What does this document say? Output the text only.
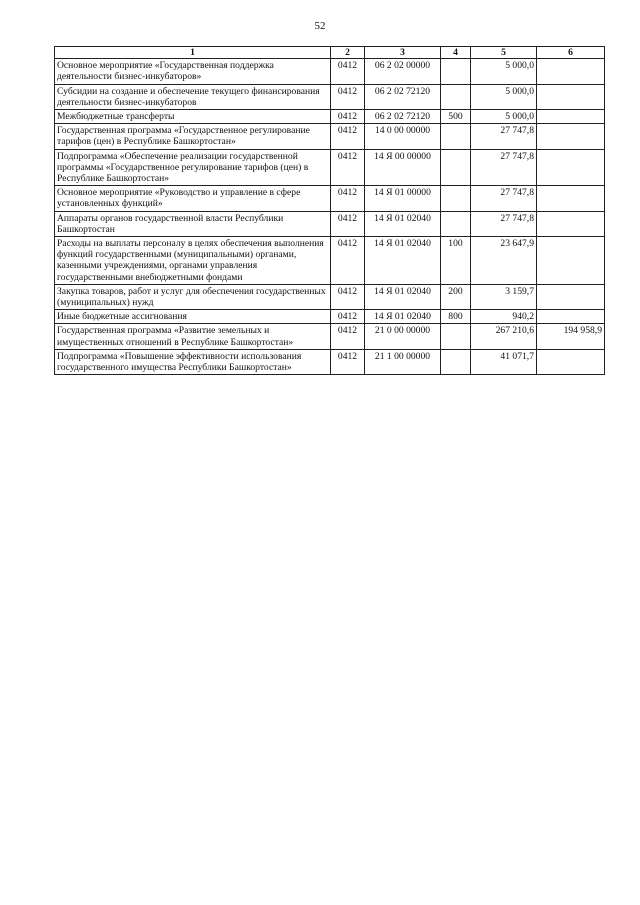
52
1	2	3	4	5	6
Основное мероприятие «Государственная поддержка деятельности бизнес-инкубаторов»	0412	06 2 02 00000		5 000,0	
Субсидии на создание и обеспечение текущего финансирования деятельности бизнес-инкубаторов	0412	06 2 02 72120		5 000,0	
Межбюджетные трансферты	0412	06 2 02 72120	500	5 000,0	
Государственная программа «Государственное регулирование тарифов (цен) в Республике Башкортостан»	0412	14 0 00 00000		27 747,8	
Подпрограмма «Обеспечение реализации государственной программы «Государственное регулирование тарифов (цен) в Республике Башкортостан»	0412	14 Я 00 00000		27 747,8	
Основное мероприятие «Руководство и управление в сфере установленных функций»	0412	14 Я 01 00000		27 747,8	
Аппараты органов государственной власти Республики Башкортостан	0412	14 Я 01 02040		27 747,8	
Расходы на выплаты персоналу в целях обеспечения выполнения функций государственными (муниципальными) органами, казенными учреждениями, органами управления государственными внебюджетными фондами	0412	14 Я 01 02040	100	23 647,9	
Закупка товаров, работ и услуг для обеспечения государственных (муниципальных) нужд	0412	14 Я 01 02040	200	3 159,7	
Иные бюджетные ассигнования	0412	14 Я 01 02040	800	940,2	
Государственная программа «Развитие земельных и имущественных отношений в Республике Башкортостан»	0412	21 0 00 00000		267 210,6	194 958,9
Подпрограмма «Повышение эффективности использования государственного имущества Республики Башкортостан»	0412	21 1 00 00000		41 071,7	
